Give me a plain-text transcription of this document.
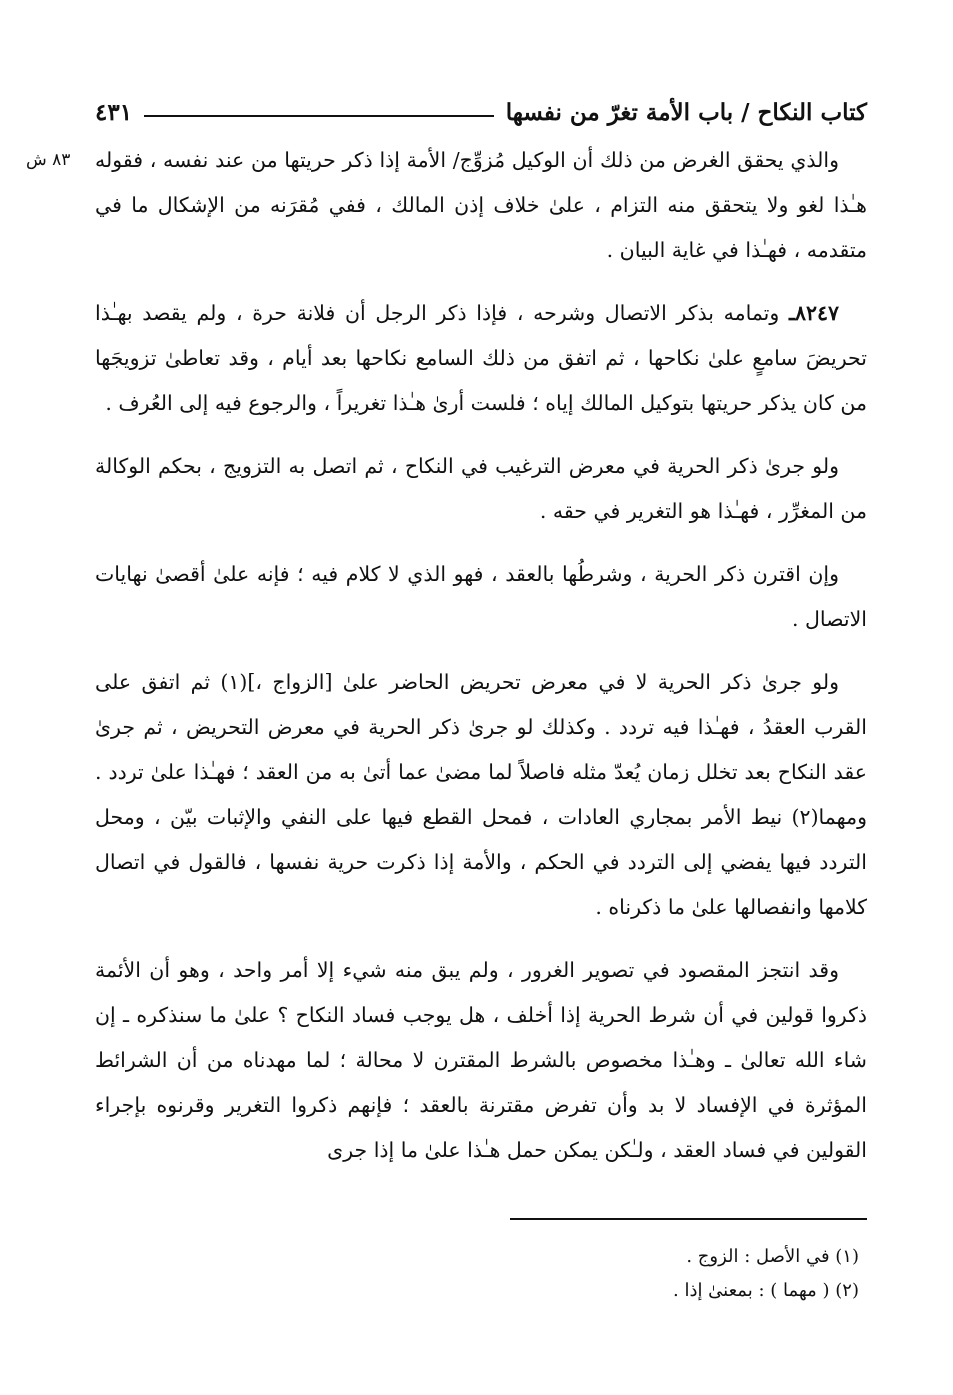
كتاب النكاح / باب الأمة تغرّ من نفسها
٤٣١
٨٣ ش	والذي يحقق الغرض من ذلك أن الوكيل مُزوِّج/ الأمة إذا ذكر حريتها من عند نفسه ، فقوله هـٰذا لغو ولا يتحقق منه التزام ، علىٰ خلاف إذن المالك ، ففي مُقرَنه من الإشكال ما في متقدمه ، فهـٰذا في غاية البيان .

٨٢٤٧ـ وتمامه بذكر الاتصال وشرحه ، فإذا ذكر الرجل أن فلانة حرة ، ولم يقصد بهـٰذا تحريضَ سامعٍ علىٰ نكاحها ، ثم اتفق من ذلك السامع نكاحها بعد أيام ، وقد تعاطىٰ تزويجَها من كان يذكر حريتها بتوكيل المالك إياه ؛ فلست أرىٰ هـٰذا تغريراً ، والرجوع فيه إلى العُرف .

ولو جرىٰ ذكر الحرية في معرض الترغيب في النكاح ، ثم اتصل به التزويج ، بحكم الوكالة من المغرِّر ، فهـٰذا هو التغرير في حقه .

وإن اقترن ذكر الحرية ، وشرطُها بالعقد ، فهو الذي لا كلام فيه ؛ فإنه علىٰ أقصىٰ نهايات الاتصال .

ولو جرىٰ ذكر الحرية لا في معرض تحريض الحاضر علىٰ [الزواج ،](١) ثم اتفق على القرب العقدُ ، فهـٰذا فيه تردد . وكذلك لو جرىٰ ذكر الحرية في معرض التحريض ، ثم جرىٰ عقد النكاح بعد تخلل زمان يُعدّ مثله فاصلاً لما مضىٰ عما أتىٰ به من العقد ؛ فهـٰذا علىٰ تردد . ومهما(٢) نيط الأمر بمجاري العادات ، فمحل القطع فيها على النفي والإثبات بيّن ، ومحل التردد فيها يفضي إلى التردد في الحكم ، والأمة إذا ذكرت حرية نفسها ، فالقول في اتصال كلامها وانفصالها علىٰ ما ذكرناه .

وقد انتجز المقصود في تصوير الغرور ، ولم يبق منه شيء إلا أمر واحد ، وهو أن الأئمة ذكروا قولين في أن شرط الحرية إذا أخلف ، هل يوجب فساد النكاح ؟ علىٰ ما سنذكره ـ إن شاء الله تعالىٰ ـ وهـٰذا مخصوص بالشرط المقترن لا محالة ؛ لما مهدناه من أن الشرائط المؤثرة في الإفساد لا بد وأن تفرض مقترنة بالعقد ؛ فإنهم ذكروا التغرير وقرنوه بإجراء القولين في فساد العقد ، ولـٰكن يمكن حمل هـٰذا علىٰ ما إذا جرى

(١) في الأصل : الزوج .
(٢) ( مهما ) : بمعنىٰ إذا .
